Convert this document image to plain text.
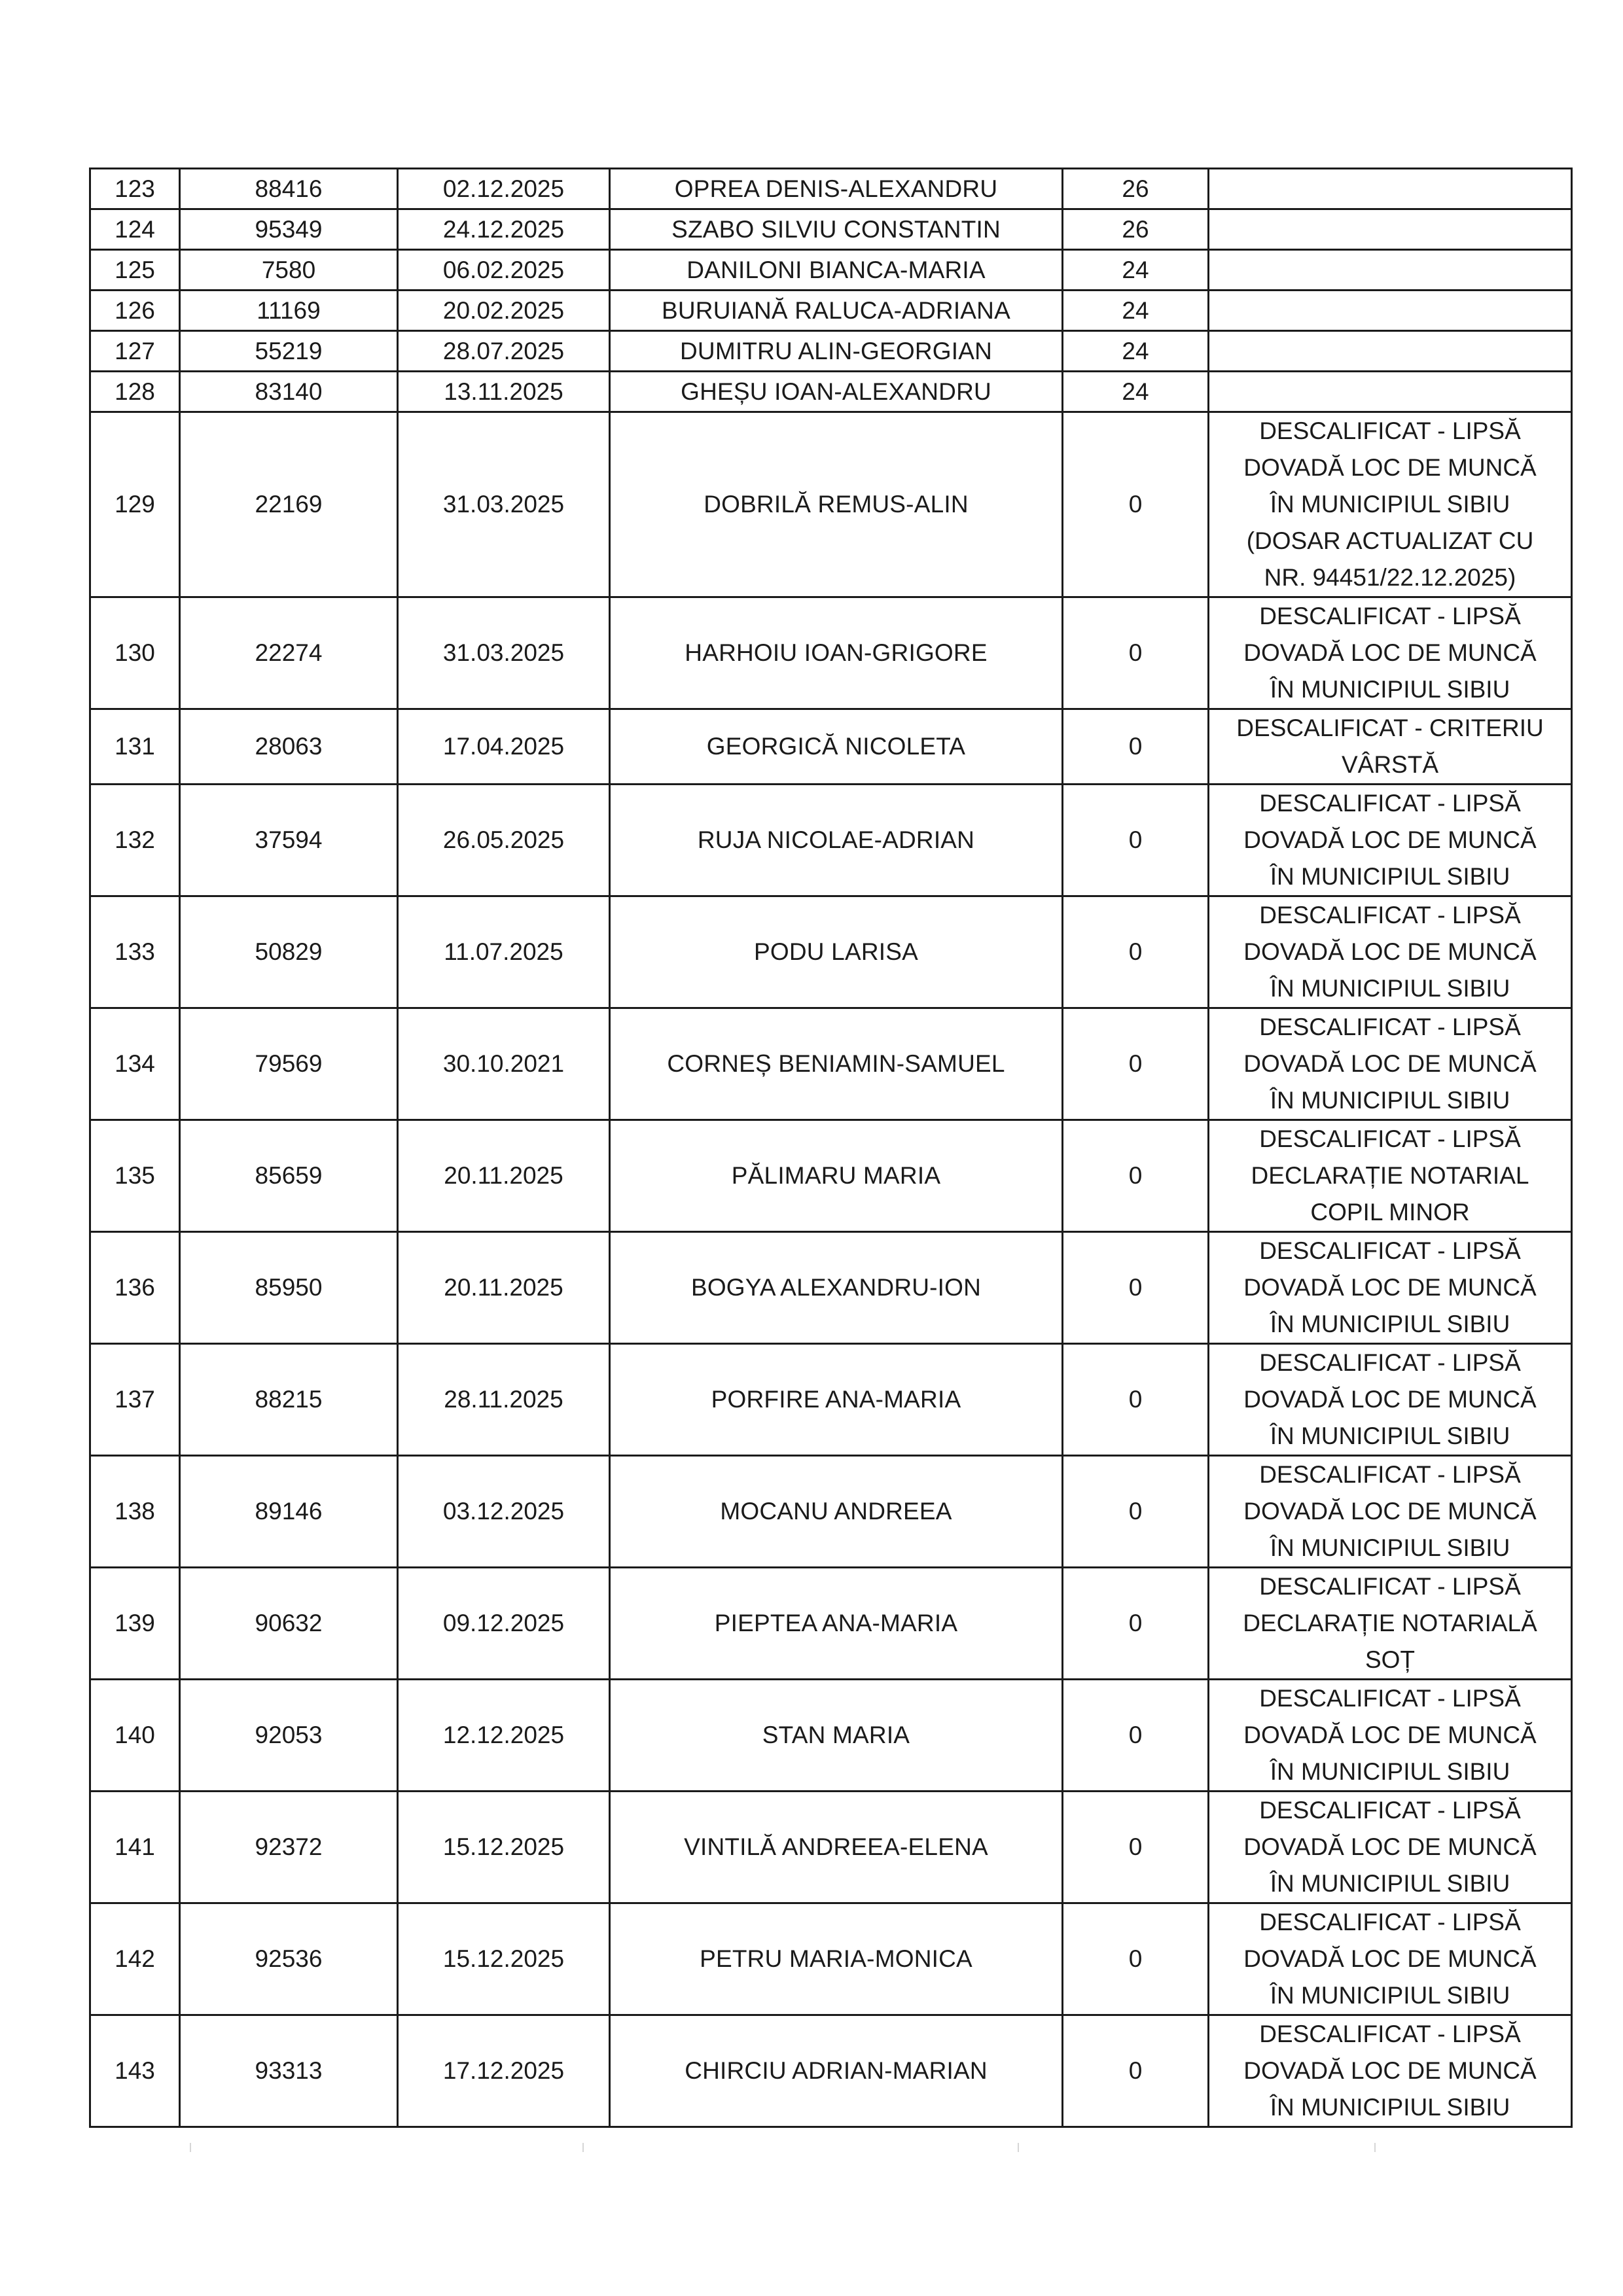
123	88416	02.12.2025	OPREA DENIS-ALEXANDRU	26	
124	95349	24.12.2025	SZABO SILVIU CONSTANTIN	26	
125	7580	06.02.2025	DANILONI BIANCA-MARIA	24	
126	11169	20.02.2025	BURUIANĂ RALUCA-ADRIANA	24	
127	55219	28.07.2025	DUMITRU ALIN-GEORGIAN	24	
128	83140	13.11.2025	GHEȘU IOAN-ALEXANDRU	24	
129	22169	31.03.2025	DOBRILĂ REMUS-ALIN	0	DESCALIFICAT - LIPSĂ
DOVADĂ LOC DE MUNCĂ
ÎN MUNICIPIUL SIBIU
(DOSAR ACTUALIZAT CU
NR. 94451/22.12.2025)

130	22274	31.03.2025	HARHOIU IOAN-GRIGORE	0	DESCALIFICAT - LIPSĂ
DOVADĂ LOC DE MUNCĂ
ÎN MUNICIPIUL SIBIU

131	28063	17.04.2025	GEORGICĂ NICOLETA	0	DESCALIFICAT - CRITERIU
VÂRSTĂ

132	37594	26.05.2025	RUJA NICOLAE-ADRIAN	0	DESCALIFICAT - LIPSĂ
DOVADĂ LOC DE MUNCĂ
ÎN MUNICIPIUL SIBIU

133	50829	11.07.2025	PODU LARISA	0	DESCALIFICAT - LIPSĂ
DOVADĂ LOC DE MUNCĂ
ÎN MUNICIPIUL SIBIU

134	79569	30.10.2021	CORNEȘ BENIAMIN-SAMUEL	0	DESCALIFICAT - LIPSĂ
DOVADĂ LOC DE MUNCĂ
ÎN MUNICIPIUL SIBIU

135	85659	20.11.2025	PĂLIMARU MARIA	0	DESCALIFICAT - LIPSĂ
DECLARAȚIE NOTARIAL
COPIL MINOR

136	85950	20.11.2025	BOGYA ALEXANDRU-ION	0	DESCALIFICAT - LIPSĂ
DOVADĂ LOC DE MUNCĂ
ÎN MUNICIPIUL SIBIU

137	88215	28.11.2025	PORFIRE ANA-MARIA	0	DESCALIFICAT - LIPSĂ
DOVADĂ LOC DE MUNCĂ
ÎN MUNICIPIUL SIBIU

138	89146	03.12.2025	MOCANU ANDREEA	0	DESCALIFICAT - LIPSĂ
DOVADĂ LOC DE MUNCĂ
ÎN MUNICIPIUL SIBIU

139	90632	09.12.2025	PIEPTEA ANA-MARIA	0	DESCALIFICAT - LIPSĂ
DECLARAȚIE NOTARIALĂ
SOȚ

140	92053	12.12.2025	STAN MARIA	0	DESCALIFICAT - LIPSĂ
DOVADĂ LOC DE MUNCĂ
ÎN MUNICIPIUL SIBIU

141	92372	15.12.2025	VINTILĂ ANDREEA-ELENA	0	DESCALIFICAT - LIPSĂ
DOVADĂ LOC DE MUNCĂ
ÎN MUNICIPIUL SIBIU

142	92536	15.12.2025	PETRU MARIA-MONICA	0	DESCALIFICAT - LIPSĂ
DOVADĂ LOC DE MUNCĂ
ÎN MUNICIPIUL SIBIU

143	93313	17.12.2025	CHIRCIU ADRIAN-MARIAN	0	DESCALIFICAT - LIPSĂ
DOVADĂ LOC DE MUNCĂ
ÎN MUNICIPIUL SIBIU
